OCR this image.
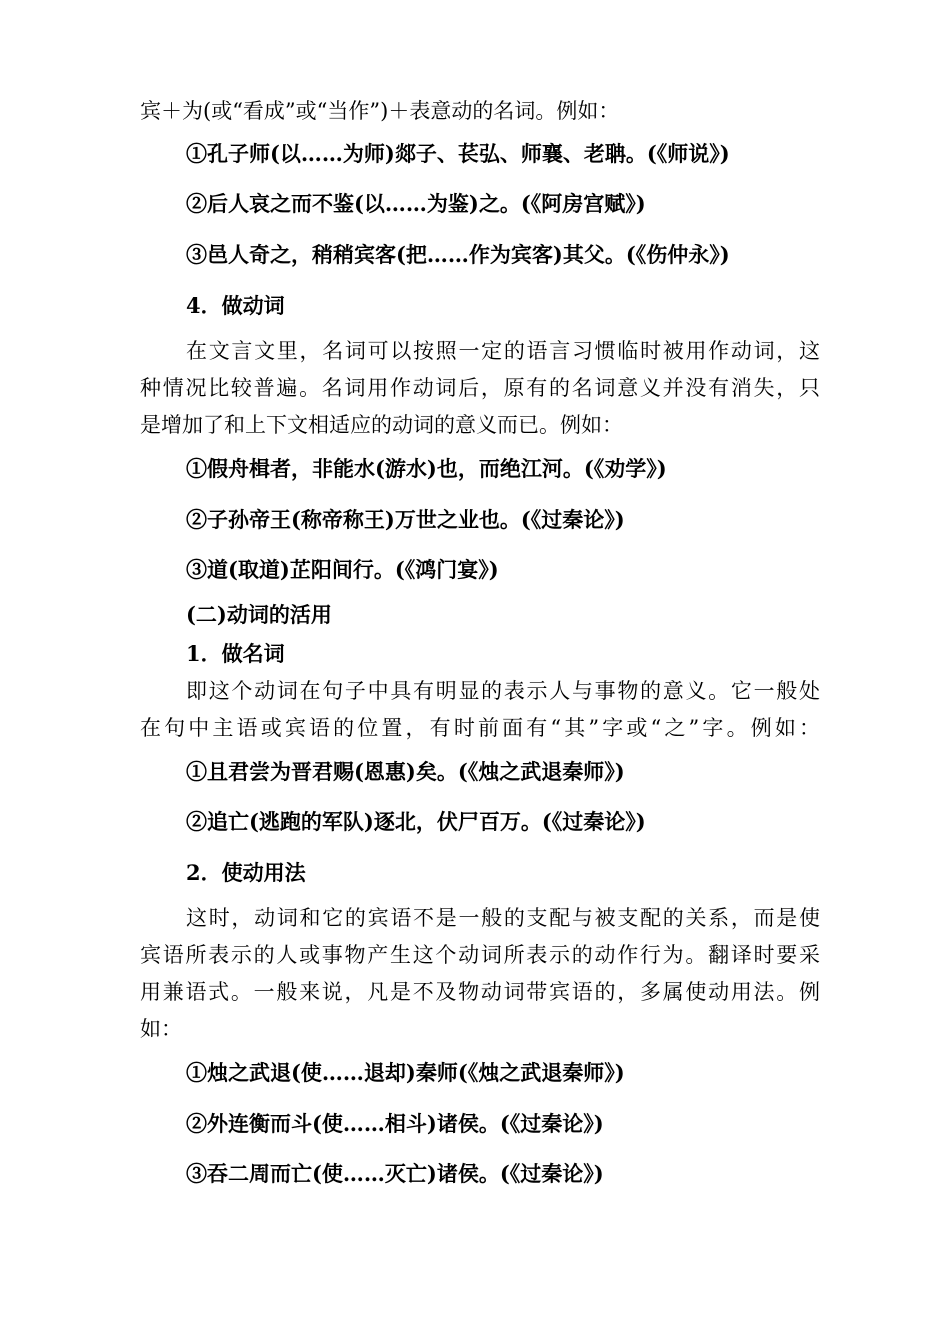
宾＋为(或“看成”或“当作”)＋表意动的名词。例如：
①孔子师(以……为师)郯子、苌弘、师襄、老聃。(《师说》)
②后人哀之而不鉴(以……为鉴)之。(《阿房宫赋》)
③邑人奇之，稍稍宾客(把……作为宾客)其父。(《伤仲永》)
4．做动词
在文言文里，名词可以按照一定的语言习惯临时被用作动词，这
种情况比较普遍。名词用作动词后，原有的名词意义并没有消失，只
是增加了和上下文相适应的动词的意义而已。例如：
①假舟楫者，非能水(游水)也，而绝江河。(《劝学》)
②子孙帝王(称帝称王)万世之业也。(《过秦论》)
③道(取道)芷阳间行。(《鸿门宴》)
(二)动词的活用
1．做名词
即这个动词在句子中具有明显的表示人与事物的意义。它一般处
在句中主语或宾语的位置，有时前面有“其”字或“之”字。例如：
①且君尝为晋君赐(恩惠)矣。(《烛之武退秦师》)
②追亡(逃跑的军队)逐北，伏尸百万。(《过秦论》)
2．使动用法
这时，动词和它的宾语不是一般的支配与被支配的关系，而是使
宾语所表示的人或事物产生这个动词所表示的动作行为。翻译时要采
用兼语式。一般来说，凡是不及物动词带宾语的，多属使动用法。例
如：
①烛之武退(使……退却)秦师(《烛之武退秦师》)
②外连衡而斗(使……相斗)诸侯。(《过秦论》)
③吞二周而亡(使……灭亡)诸侯。(《过秦论》)
